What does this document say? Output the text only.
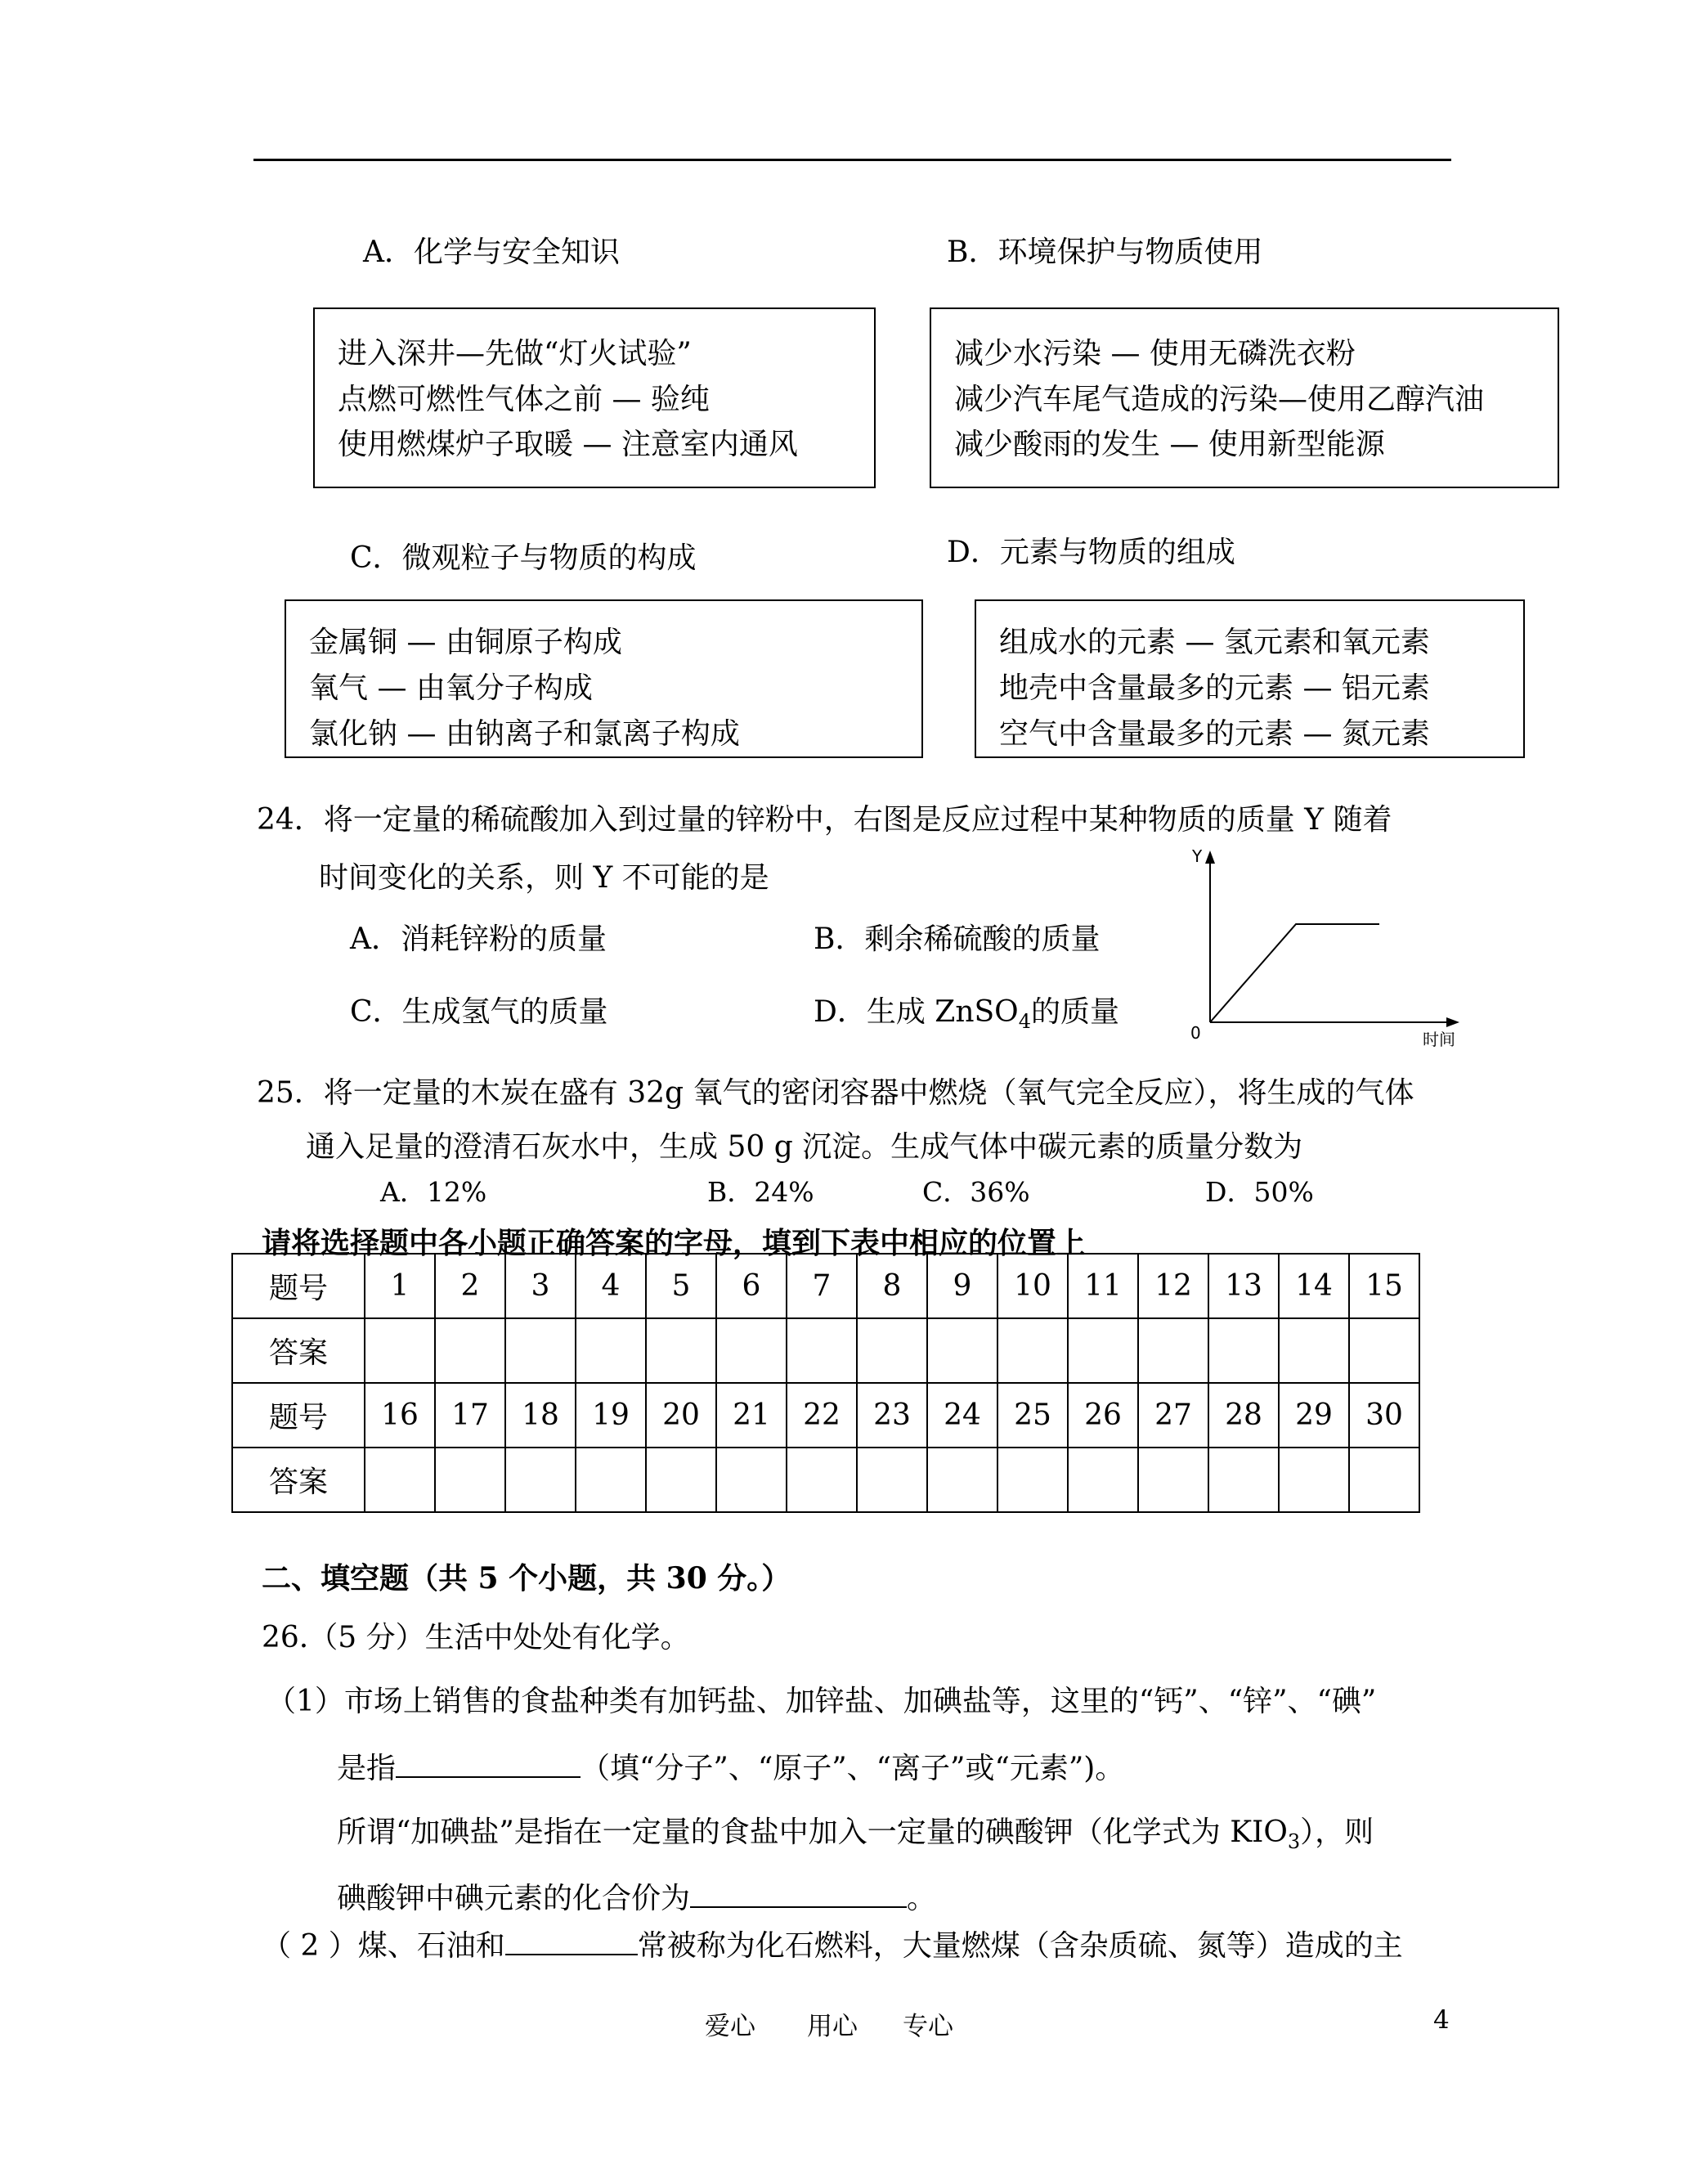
A．化学与安全知识	B．环境保护与物质使用
C．微观粒子与物质的构成	D．元素与物质的组成
进入深井—先做“灯火试验”
点燃可燃性气体之前 — 验纯
使用燃煤炉子取暖 — 注意室内通风
减少水污染 — 使用无磷洗衣粉
减少汽车尾气造成的污染—使用乙醇汽油
减少酸雨的发生 — 使用新型能源
金属铜 — 由铜原子构成
氧气 — 由氧分子构成
氯化钠 — 由钠离子和氯离子构成
组成水的元素 — 氢元素和氧元素
地壳中含量最多的元素 — 铝元素
空气中含量最多的元素 — 氮元素
24．将一定量的稀硫酸加入到过量的锌粉中，右图是反应过程中某种物质的质量 Y 随着
时间变化的关系，则 Y 不可能的是
A．消耗锌粉的质量	B．剩余稀硫酸的质量
C．生成氢气的质量	D．生成 ZnSO$_4$的质量
Y
0	时间
25．将一定量的木炭在盛有 32g 氧气的密闭容器中燃烧（氧气完全反应），将生成的气体
通入足量的澄清石灰水中，生成 50 g 沉淀。生成气体中碳元素的质量分数为
A．12%	B．24%	C．36%	D．50%
请将选择题中各小题正确答案的字母，填到下表中相应的位置上
题号	1	2	3	4	5	6	7	8	9	10	11	12	13	14	15
答案															
题号	16	17	18	19	20	21	22	23	24	25	26	27	28	29	30
答案															
二、填空题（共 5 个小题，共 30 分。）
26.（5 分）生活中处处有化学。
（1）市场上销售的食盐种类有加钙盐、加锌盐、加碘盐等，这里的“钙”、“锌”、“碘”
是指	（填“分子”、“原子”、“离子”或“元素”)。
所谓“加碘盐”是指在一定量的食盐中加入一定量的碘酸钾（化学式为 $KIO_3$），则
碘酸钾中碘元素的化合价为	。
（ 2 ）煤、石油和	常被称为化石燃料，大量燃煤（含杂质硫、氮等）造成的主
爱心 用心 专心	4
